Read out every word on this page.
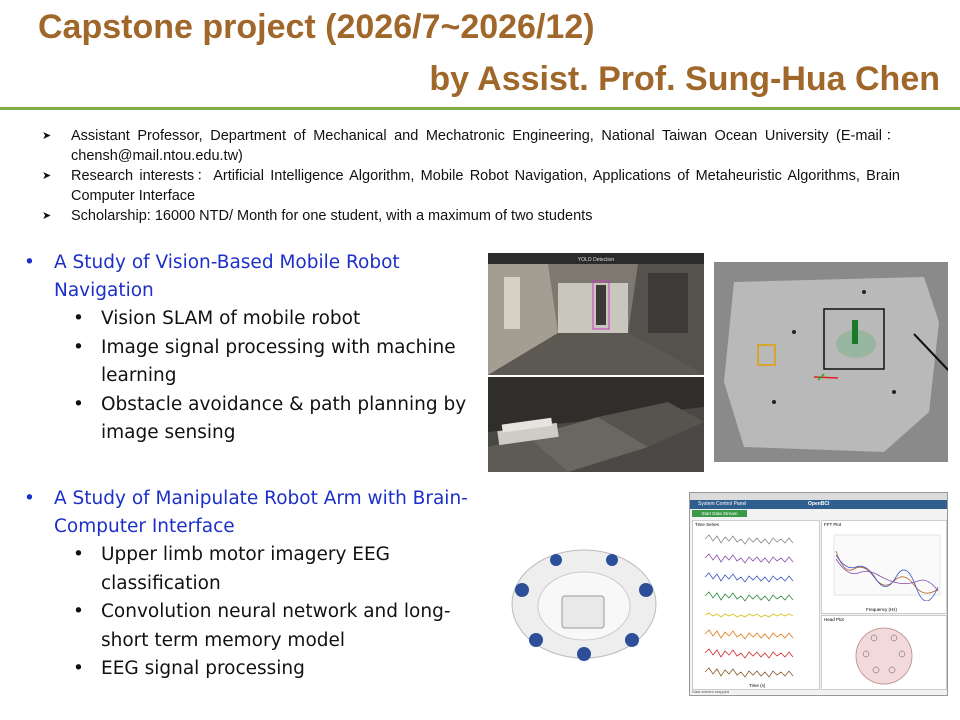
Capstone project (2026/7~2026/12)
by Assist. Prof. Sung-Hua Chen
➤ Assistant Professor, Department of Mechanical and Mechatronic Engineering, National Taiwan Ocean University (E-mail：chensh@mail.ntou.edu.tw)
➤ Research interests：Artificial Intelligence Algorithm, Mobile Robot Navigation, Applications of Metaheuristic Algorithms, Brain Computer Interface
➤ Scholarship: 16000 NTD/ Month for one student, with a maximum of two students
• A Study of Vision-Based Mobile Robot Navigation
• Vision SLAM of mobile robot
• Image signal processing with machine learning
• Obstacle avoidance & path planning by image sensing
• A Study of Manipulate Robot Arm with Brain-Computer Interface
• Upper limb motor imagery EEG classification
• Convolution neural network and long-short term memory model
• EEG signal processing
YOLO Detection
System Control Panel	OpenBCI
Start Data Stream
Time Series
Time (s)
FFT Plot
Frequency (Hz)
Head Plot
Data stream stopped
